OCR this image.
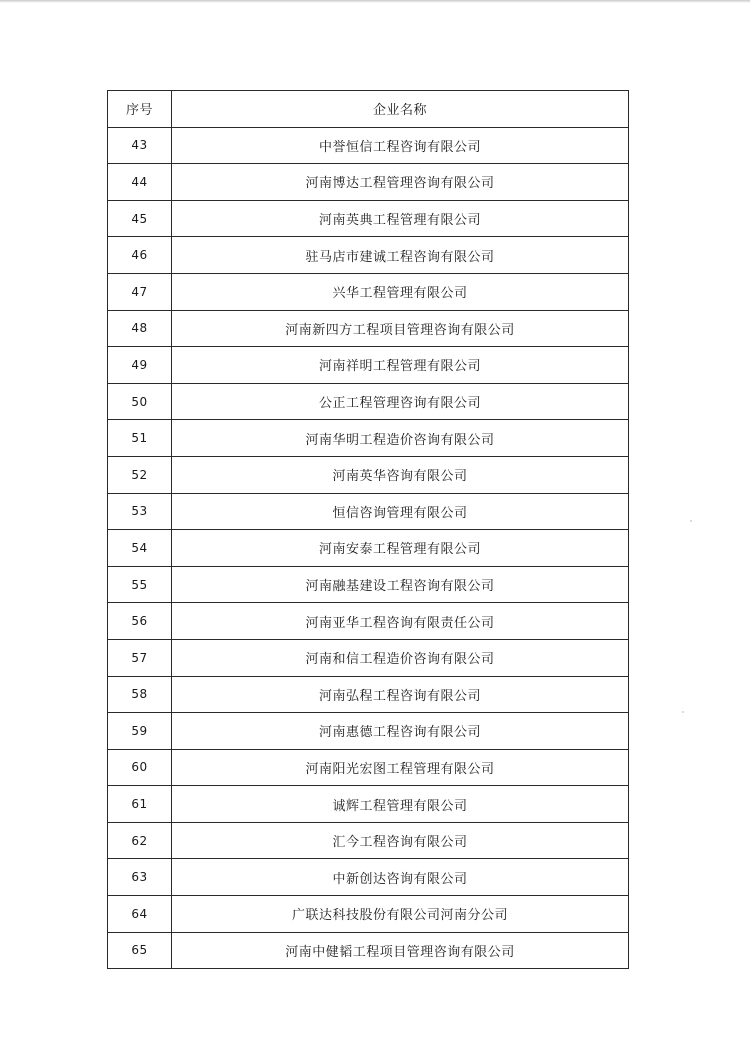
序号	企业名称
43	中誉恒信工程咨询有限公司
44	河南博达工程管理咨询有限公司
45	河南英典工程管理有限公司
46	驻马店市建诚工程咨询有限公司
47	兴华工程管理有限公司
48	河南新四方工程项目管理咨询有限公司
49	河南祥明工程管理有限公司
50	公正工程管理咨询有限公司
51	河南华明工程造价咨询有限公司
52	河南英华咨询有限公司
53	恒信咨询管理有限公司
54	河南安泰工程管理有限公司
55	河南融基建设工程咨询有限公司
56	河南亚华工程咨询有限责任公司
57	河南和信工程造价咨询有限公司
58	河南弘程工程咨询有限公司
59	河南惠德工程咨询有限公司
60	河南阳光宏图工程管理有限公司
61	诚辉工程管理有限公司
62	汇今工程咨询有限公司
63	中新创达咨询有限公司
64	广联达科技股份有限公司河南分公司
65	河南中健韬工程项目管理咨询有限公司
